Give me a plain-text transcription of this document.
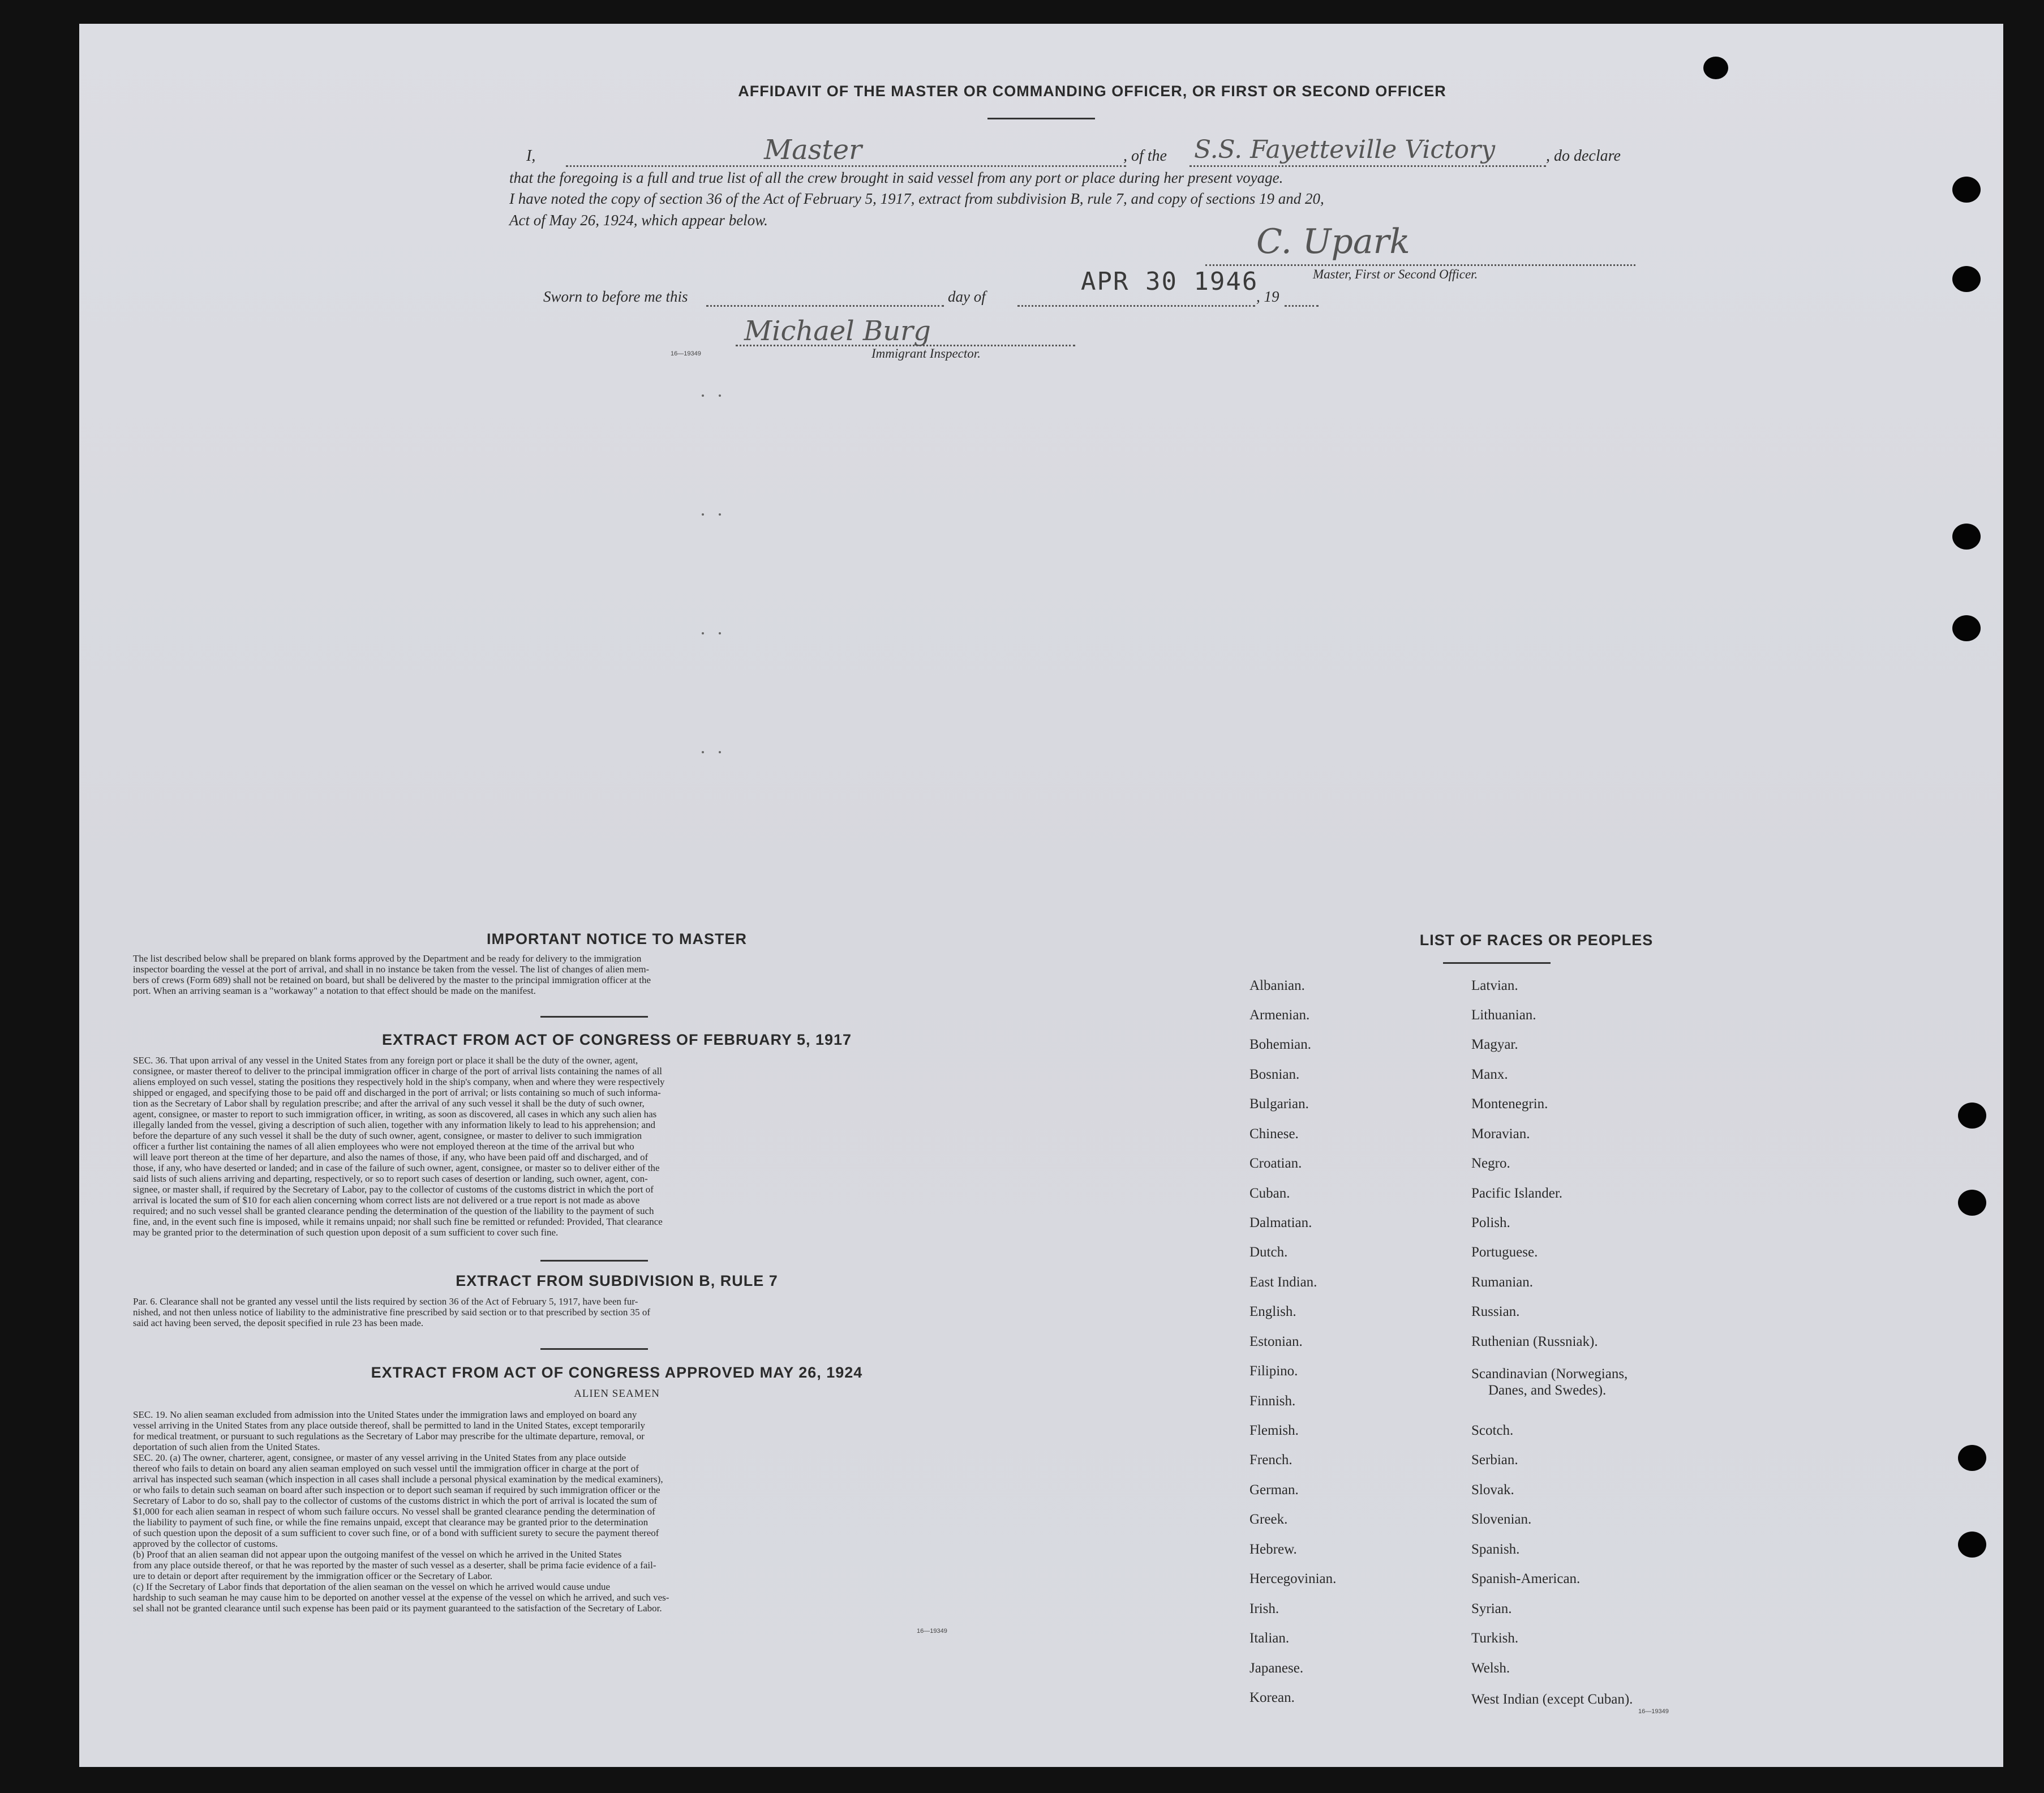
AFFIDAVIT OF THE MASTER OR COMMANDING OFFICER, OR FIRST OR SECOND OFFICER
I,	Master	, of the S.S. Fayetteville Victory	, do declare
that the foregoing is a full and true list of all the crew brought in said vessel from any port or place during her present voyage.
I have noted the copy of section 36 of the Act of February 5, 1917, extract from subdivision B, rule 7, and copy of sections 19 and 20,
Act of May 26, 1924, which appear below.
C. Upark
Master, First or Second Officer.
Sworn to before me this	day of
APR 30 1946
, 19
16—19349
Michael Burg
Immigrant Inspector.
IMPORTANT NOTICE TO MASTER
The list described below shall be prepared on blank forms approved by the Department and be ready for delivery to the immigration
inspector boarding the vessel at the port of arrival, and shall in no instance be taken from the vessel. The list of changes of alien mem-
bers of crews (Form 689) shall not be retained on board, but shall be delivered by the master to the principal immigration officer at the
port. When an arriving seaman is a "workaway" a notation to that effect should be made on the manifest.
EXTRACT FROM ACT OF CONGRESS OF FEBRUARY 5, 1917
SEC. 36. That upon arrival of any vessel in the United States from any foreign port or place it shall be the duty of the owner, agent,
consignee, or master thereof to deliver to the principal immigration officer in charge of the port of arrival lists containing the names of all
aliens employed on such vessel, stating the positions they respectively hold in the ship's company, when and where they were respectively
shipped or engaged, and specifying those to be paid off and discharged in the port of arrival; or lists containing so much of such informa-
tion as the Secretary of Labor shall by regulation prescribe; and after the arrival of any such vessel it shall be the duty of such owner,
agent, consignee, or master to report to such immigration officer, in writing, as soon as discovered, all cases in which any such alien has
illegally landed from the vessel, giving a description of such alien, together with any information likely to lead to his apprehension; and
before the departure of any such vessel it shall be the duty of such owner, agent, consignee, or master to deliver to such immigration
officer a further list containing the names of all alien employees who were not employed thereon at the time of the arrival but who
will leave port thereon at the time of her departure, and also the names of those, if any, who have been paid off and discharged, and of
those, if any, who have deserted or landed; and in case of the failure of such owner, agent, consignee, or master so to deliver either of the
said lists of such aliens arriving and departing, respectively, or so to report such cases of desertion or landing, such owner, agent, con-
signee, or master shall, if required by the Secretary of Labor, pay to the collector of customs of the customs district in which the port of
arrival is located the sum of $10 for each alien concerning whom correct lists are not delivered or a true report is not made as above
required; and no such vessel shall be granted clearance pending the determination of the question of the liability to the payment of such
fine, and, in the event such fine is imposed, while it remains unpaid; nor shall such fine be remitted or refunded: Provided, That clearance
may be granted prior to the determination of such question upon deposit of a sum sufficient to cover such fine.
EXTRACT FROM SUBDIVISION B, RULE 7
Par. 6. Clearance shall not be granted any vessel until the lists required by section 36 of the Act of February 5, 1917, have been fur-
nished, and not then unless notice of liability to the administrative fine prescribed by said section or to that prescribed by section 35 of
said act having been served, the deposit specified in rule 23 has been made.
EXTRACT FROM ACT OF CONGRESS APPROVED MAY 26, 1924
ALIEN SEAMEN
SEC. 19. No alien seaman excluded from admission into the United States under the immigration laws and employed on board any
vessel arriving in the United States from any place outside thereof, shall be permitted to land in the United States, except temporarily
for medical treatment, or pursuant to such regulations as the Secretary of Labor may prescribe for the ultimate departure, removal, or
deportation of such alien from the United States.
SEC. 20. (a) The owner, charterer, agent, consignee, or master of any vessel arriving in the United States from any place outside
thereof who fails to detain on board any alien seaman employed on such vessel until the immigration officer in charge at the port of
arrival has inspected such seaman (which inspection in all cases shall include a personal physical examination by the medical examiners),
or who fails to detain such seaman on board after such inspection or to deport such seaman if required by such immigration officer or the
Secretary of Labor to do so, shall pay to the collector of customs of the customs district in which the port of arrival is located the sum of
$1,000 for each alien seaman in respect of whom such failure occurs. No vessel shall be granted clearance pending the determination of
the liability to payment of such fine, or while the fine remains unpaid, except that clearance may be granted prior to the determination
of such question upon the deposit of a sum sufficient to cover such fine, or of a bond with sufficient surety to secure the payment thereof
approved by the collector of customs.
(b) Proof that an alien seaman did not appear upon the outgoing manifest of the vessel on which he arrived in the United States
from any place outside thereof, or that he was reported by the master of such vessel as a deserter, shall be prima facie evidence of a fail-
ure to detain or deport after requirement by the immigration officer or the Secretary of Labor.
(c) If the Secretary of Labor finds that deportation of the alien seaman on the vessel on which he arrived would cause undue
hardship to such seaman he may cause him to be deported on another vessel at the expense of the vessel on which he arrived, and such ves-
sel shall not be granted clearance until such expense has been paid or its payment guaranteed to the satisfaction of the Secretary of Labor.
16—19349
LIST OF RACES OR PEOPLES
Albanian.
Armenian.
Bohemian.
Bosnian.
Bulgarian.
Chinese.
Croatian.
Cuban.
Dalmatian.
Dutch.
East Indian.
English.
Estonian.
Filipino.
Finnish.
Flemish.
French.
German.
Greek.
Hebrew.
Hercegovinian.
Irish.
Italian.
Japanese.
Korean.
Latvian.
Lithuanian.
Magyar.
Manx.
Montenegrin.
Moravian.
Negro.
Pacific Islander.
Polish.
Portuguese.
Rumanian.
Russian.
Ruthenian (Russniak).
Scandinavian (Norwegians,
Danes, and Swedes).
Scotch.
Serbian.
Slovak.
Slovenian.
Spanish.
Spanish-American.
Syrian.
Turkish.
Welsh.
West Indian (except Cuban).
16—19349
